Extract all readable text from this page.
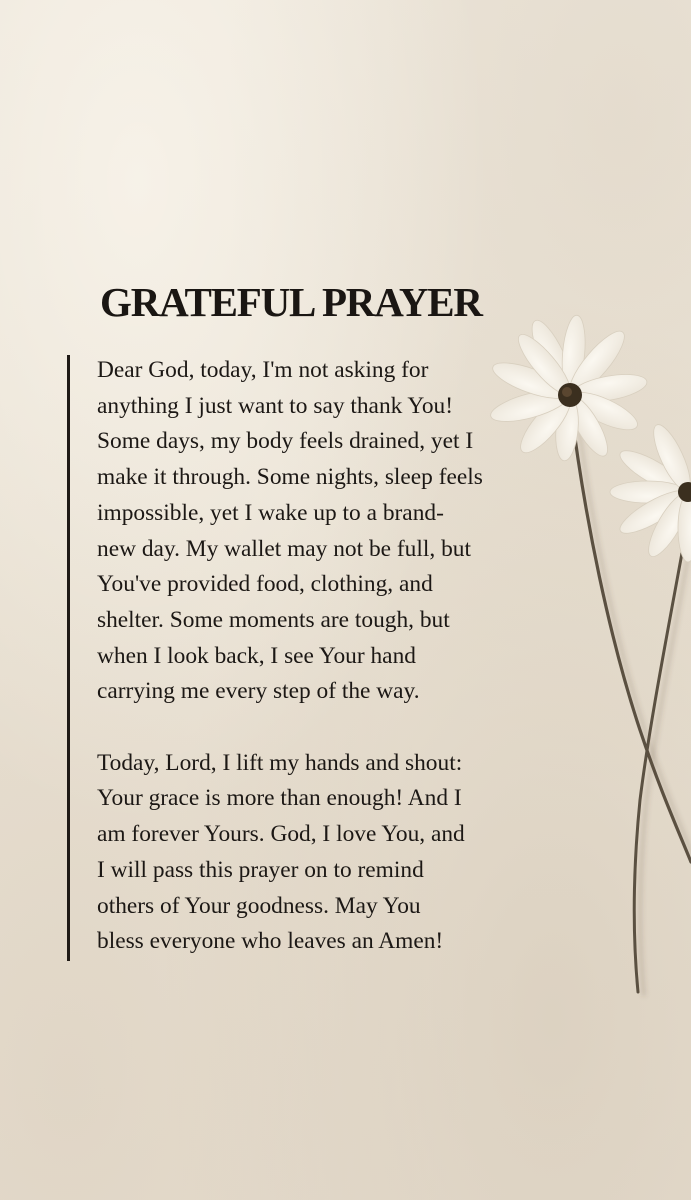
GRATEFUL PRAYER

Dear God, today, I'm not asking for
anything I just want to say thank You!
Some days, my body feels drained, yet I
make it through. Some nights, sleep feels
impossible, yet I wake up to a brand-
new day. My wallet may not be full, but
You've provided food, clothing, and
shelter. Some moments are tough, but
when I look back, I see Your hand
carrying me every step of the way.

Today, Lord, I lift my hands and shout:
Your grace is more than enough! And I
am forever Yours. God, I love You, and
I will pass this prayer on to remind
others of Your goodness. May You
bless everyone who leaves an Amen!
